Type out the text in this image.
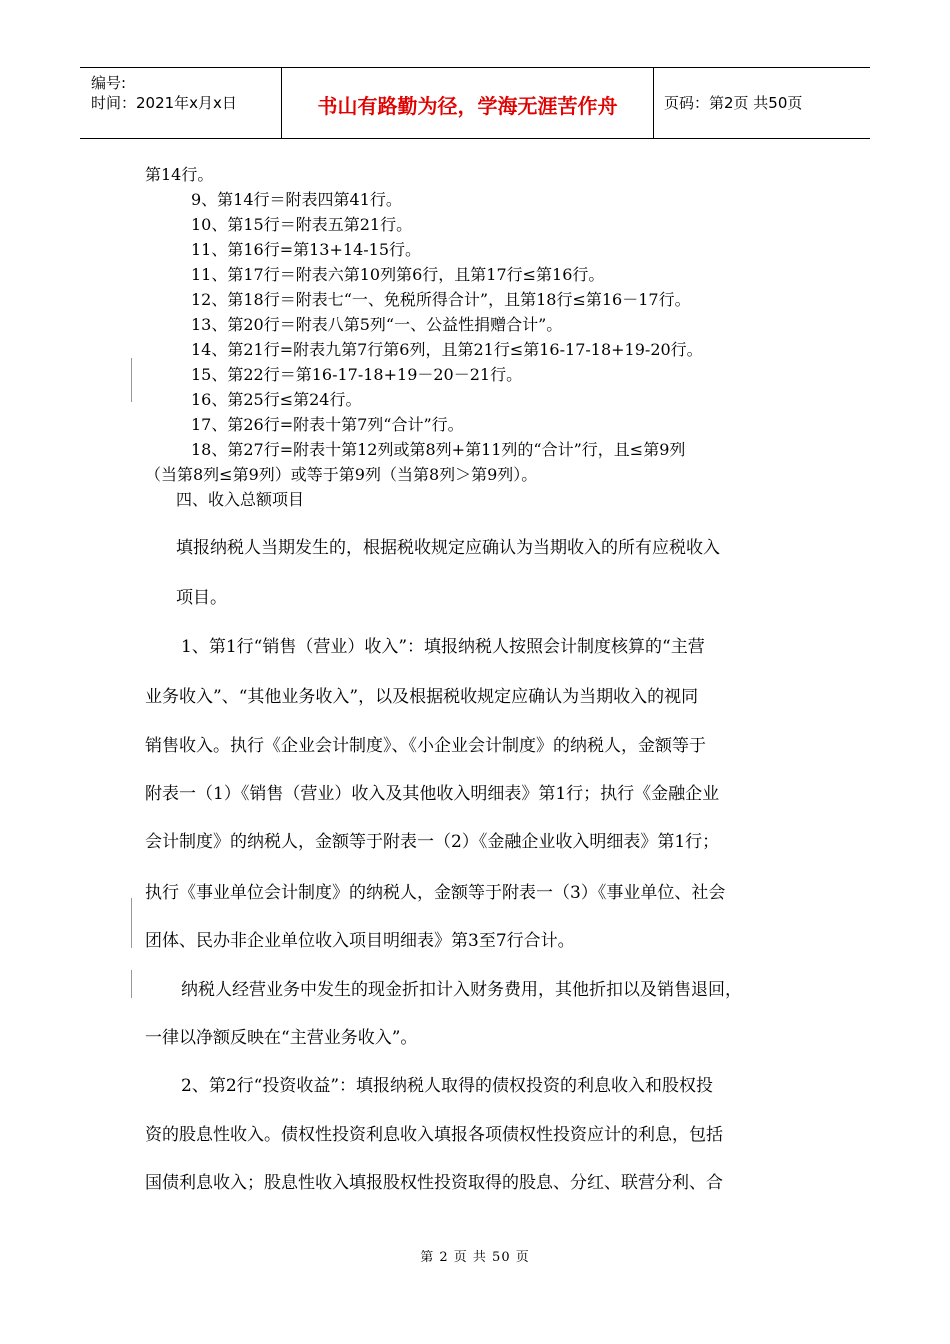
编号:
时间：2021年x月x日	书山有路勤为径，学海无涯苦作舟	页码：第2页 共50页
第14行。
9、第14行＝附表四第41行。
10、第15行＝附表五第21行。
11、第16行=第13+14-15行。
11、第17行＝附表六第10列第6行，且第17行≤第16行。
12、第18行＝附表七“一、免税所得合计”，且第18行≤第16－17行。
13、第20行＝附表八第5列“一、公益性捐赠合计”。
14、第21行=附表九第7行第6列，且第21行≤第16-17-18+19-20行。
15、第22行＝第16-17-18+19－20－21行。
16、第25行≤第24行。
17、第26行=附表十第7列“合计”行。
18、第27行=附表十第12列或第8列+第11列的“合计”行，且≤第9列
（当第8列≤第9列）或等于第9列（当第8列＞第9列）。
四、收入总额项目
填报纳税人当期发生的，根据税收规定应确认为当期收入的所有应税收入
项目。
1、第1行“销售（营业）收入”：填报纳税人按照会计制度核算的“主营
业务收入”、“其他业务收入”，以及根据税收规定应确认为当期收入的视同
销售收入。执行《企业会计制度》、《小企业会计制度》的纳税人，金额等于
附表一（1）《销售（营业）收入及其他收入明细表》第1行；执行《金融企业
会计制度》的纳税人，金额等于附表一（2）《金融企业收入明细表》第1行；
执行《事业单位会计制度》的纳税人，金额等于附表一（3）《事业单位、社会
团体、民办非企业单位收入项目明细表》第3至7行合计。
纳税人经营业务中发生的现金折扣计入财务费用，其他折扣以及销售退回，
一律以净额反映在“主营业务收入”。
2、第2行“投资收益”：填报纳税人取得的债权投资的利息收入和股权投
资的股息性收入。债权性投资利息收入填报各项债权性投资应计的利息，包括
国债利息收入；股息性收入填报股权性投资取得的股息、分红、联营分利、合
第 2 页 共 50 页
